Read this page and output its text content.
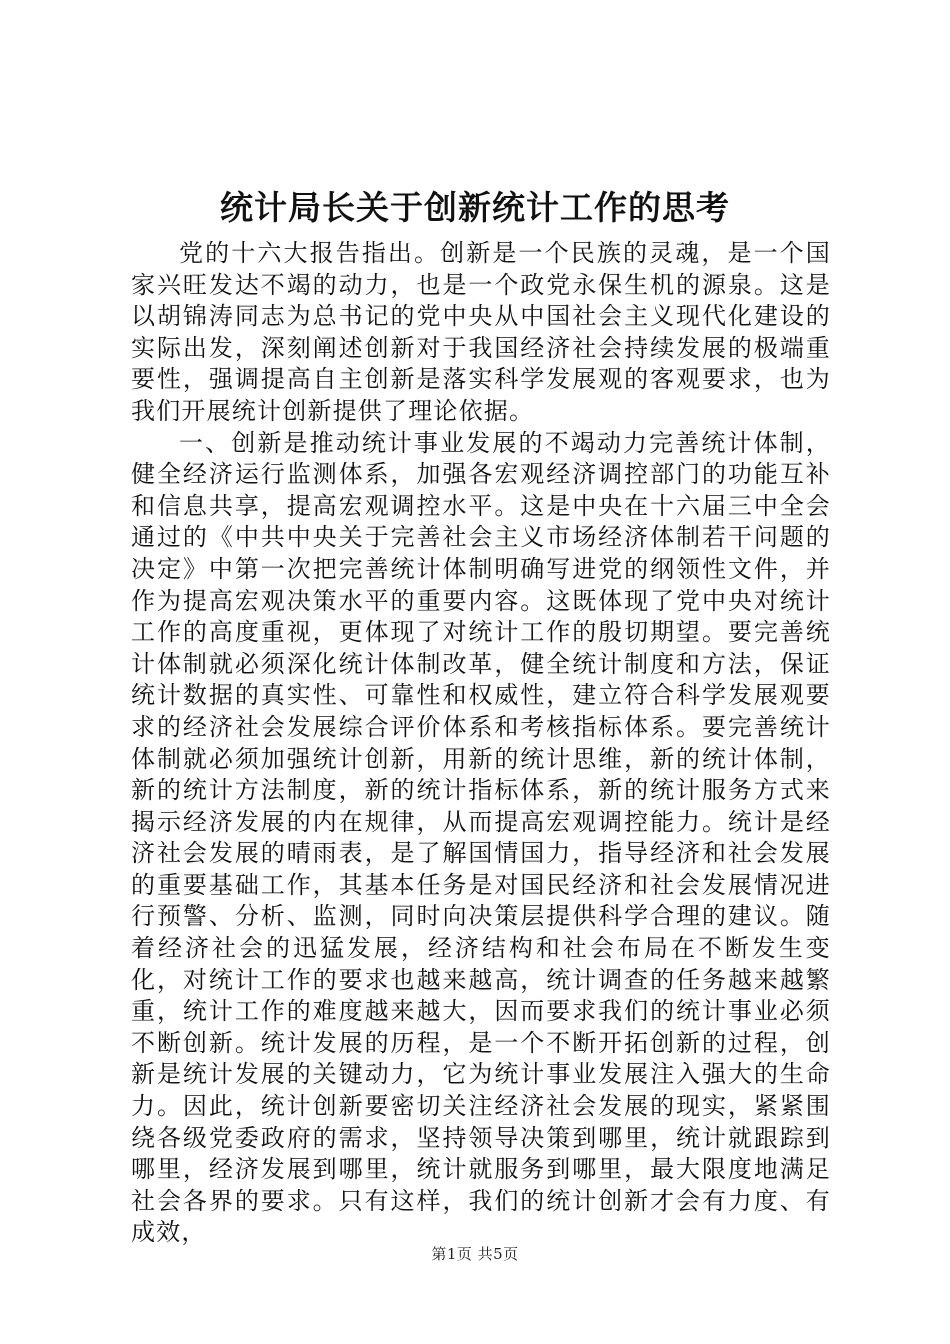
统计局长关于创新统计工作的思考

党的十六大报告指出。创新是一个民族的灵魂，是一个国家兴旺发达不竭的动力，也是一个政党永保生机的源泉。这是以胡锦涛同志为总书记的党中央从中国社会主义现代化建设的实际出发，深刻阐述创新对于我国经济社会持续发展的极端重要性，强调提高自主创新是落实科学发展观的客观要求，也为我们开展统计创新提供了理论依据。

一、创新是推动统计事业发展的不竭动力完善统计体制，健全经济运行监测体系，加强各宏观经济调控部门的功能互补和信息共享，提高宏观调控水平。这是中央在十六届三中全会通过的《中共中央关于完善社会主义市场经济体制若干问题的决定》中第一次把完善统计体制明确写进党的纲领性文件，并作为提高宏观决策水平的重要内容。这既体现了党中央对统计工作的高度重视，更体现了对统计工作的殷切期望。要完善统计体制就必须深化统计体制改革，健全统计制度和方法，保证统计数据的真实性、可靠性和权威性，建立符合科学发展观要求的经济社会发展综合评价体系和考核指标体系。要完善统计体制就必须加强统计创新，用新的统计思维，新的统计体制，新的统计方法制度，新的统计指标体系，新的统计服务方式来揭示经济发展的内在规律，从而提高宏观调控能力。统计是经济社会发展的晴雨表，是了解国情国力，指导经济和社会发展的重要基础工作，其基本任务是对国民经济和社会发展情况进行预警、分析、监测，同时向决策层提供科学合理的建议。随着经济社会的迅猛发展，经济结构和社会布局在不断发生变化，对统计工作的要求也越来越高，统计调查的任务越来越繁重，统计工作的难度越来越大，因而要求我们的统计事业必须不断创新。统计发展的历程，是一个不断开拓创新的过程，创新是统计发展的关键动力，它为统计事业发展注入强大的生命力。因此，统计创新要密切关注经济社会发展的现实，紧紧围绕各级党委政府的需求，坚持领导决策到哪里，统计就跟踪到哪里，经济发展到哪里，统计就服务到哪里，最大限度地满足社会各界的要求。只有这样，我们的统计创新才会有力度、有成效，

第1页 共5页
